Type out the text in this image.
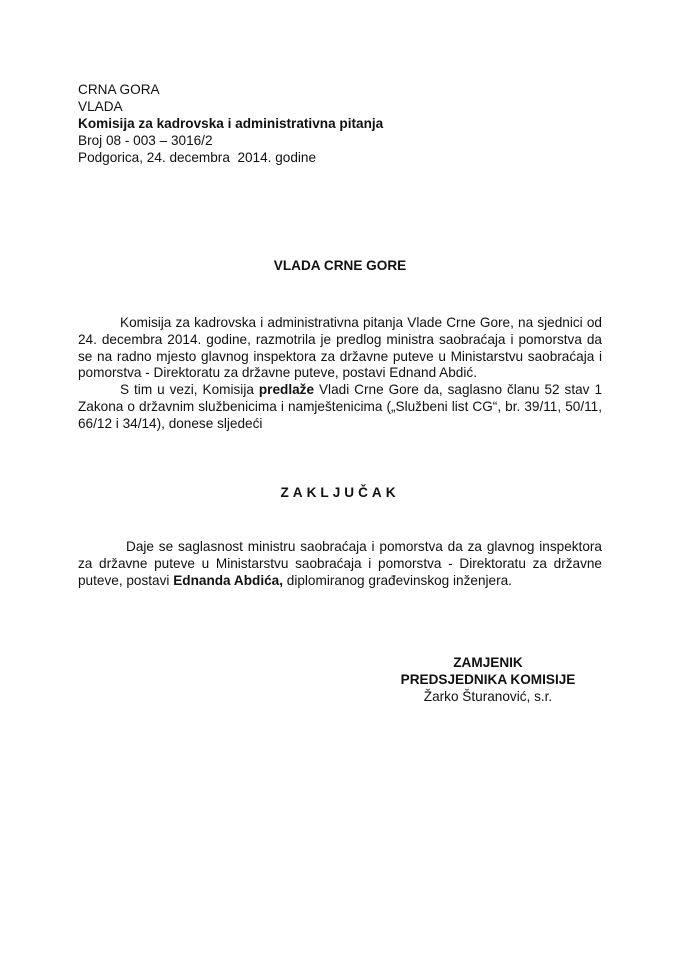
CRNA GORA
VLADA
Komisija za kadrovska i administrativna pitanja
Broj 08 - 003 – 3016/2
Podgorica, 24. decembra  2014. godine
VLADA CRNE GORE

Komisija za kadrovska i administrativna pitanja Vlade Crne Gore, na sjednici od 24. decembra 2014. godine, razmotrila je predlog ministra saobraćaja i pomorstva da se na radno mjesto glavnog inspektora za državne puteve u Ministarstvu saobraćaja i pomorstva - Direktoratu za državne puteve, postavi Ednand Abdić.

S tim u vezi, Komisija predlaže Vladi Crne Gore da, saglasno članu 52 stav 1 Zakona o državnim službenicima i namještenicima („Službeni list CG“, br. 39/11, 50/11, 66/12 i 34/14), donese sljedeći

ZAKLJUČAK

Daje se saglasnost ministru saobraćaja i pomorstva da za glavnog inspektora za državne puteve u Ministarstvu saobraćaja i pomorstva - Direktoratu za državne puteve, postavi Ednanda Abdića, diplomiranog građevinskog inženjera.

ZAMJENIK
PREDSJEDNIKA KOMISIJE
Žarko Šturanović, s.r.
